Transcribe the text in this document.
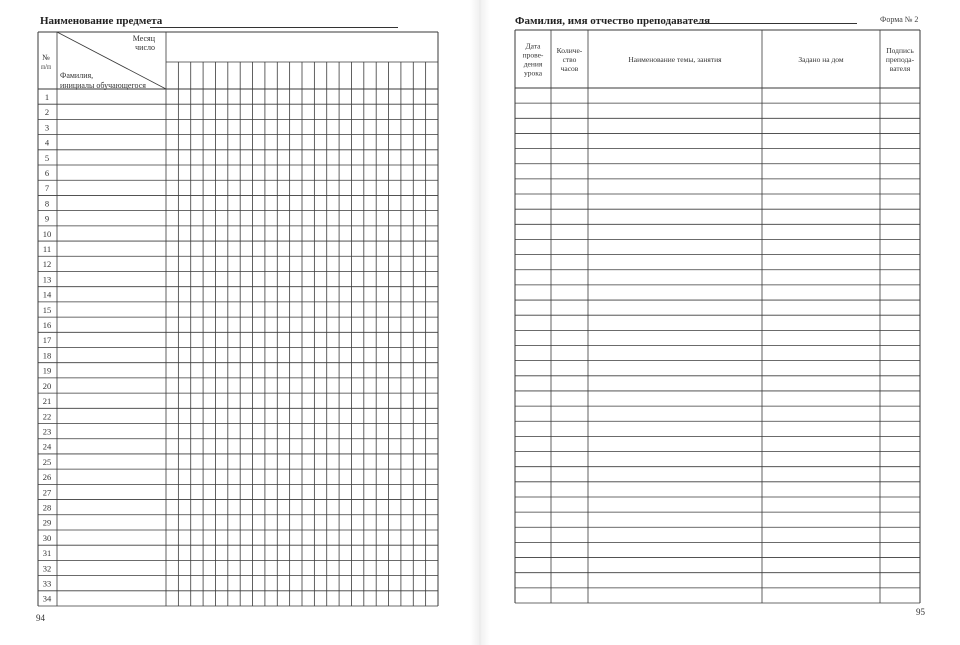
Наименование предмета
№
п/п
Месяц
число
Фамилия,
инициалы обучающегося
1
2
3
4
5
6
7
8
9
10
11
12
13
14
15
16
17
18
19
20
21
22
23
24
25
26
27
28
29
30
31
32
33
34
94
Фамилия, имя отчество преподавателя	Форма № 2
Дата
прове-
дения
урока
Количе-
ство
часов
Наименование темы, занятия	Задано на дом
Подпись
препода-
вателя
95
